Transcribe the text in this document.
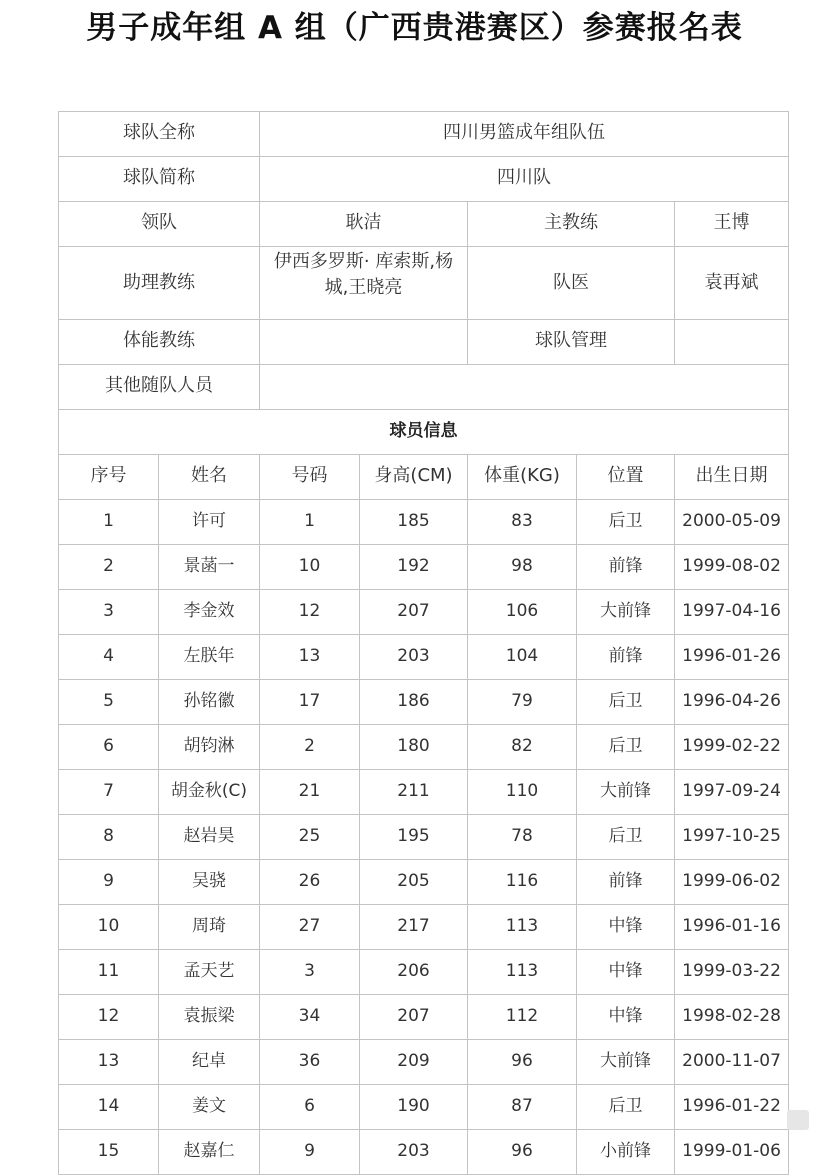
男子成年组 A 组（广西贵港赛区）参赛报名表
球队全称		四川男篮成年组队伍				
球队简称		四川队				
领队		耿洁		主教练		王博
助理教练		伊西多罗斯· 库索斯,杨城,王晓亮		队医		袁再斌
体能教练				球队管理		
其他随队人员						
球员信息						
序号	姓名	号码	身高(CM)	体重(KG)	位置	出生日期
1	许可	1	185	83	后卫	2000-05-09
2	景菡一	10	192	98	前锋	1999-08-02
3	李金效	12	207	106	大前锋	1997-04-16
4	左朕年	13	203	104	前锋	1996-01-26
5	孙铭徽	17	186	79	后卫	1996-04-26
6	胡钧淋	2	180	82	后卫	1999-02-22
7	胡金秋(C)	21	211	110	大前锋	1997-09-24
8	赵岩昊	25	195	78	后卫	1997-10-25
9	吴骁	26	205	116	前锋	1999-06-02
10	周琦	27	217	113	中锋	1996-01-16
11	孟天艺	3	206	113	中锋	1999-03-22
12	袁振梁	34	207	112	中锋	1998-02-28
13	纪卓	36	209	96	大前锋	2000-11-07
14	姜文	6	190	87	后卫	1996-01-22
15	赵嘉仁	9	203	96	小前锋	1999-01-06
